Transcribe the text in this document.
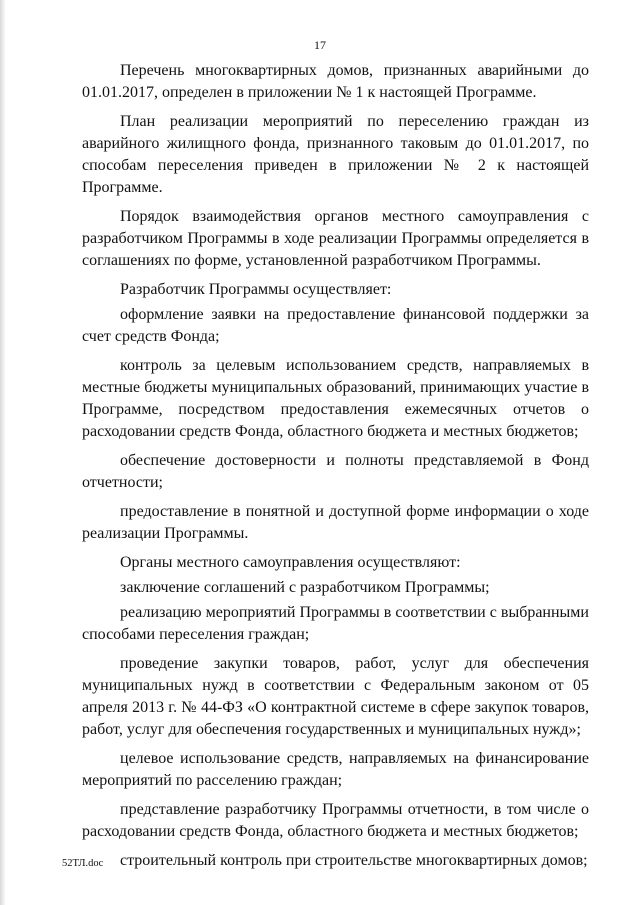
17

Перечень многоквартирных домов, признанных аварийными до 01.01.2017, определен в приложении № 1 к настоящей Программе.

План реализации мероприятий по переселению граждан из аварийного жилищного фонда, признанного таковым до 01.01.2017, по способам переселения приведен в приложении № 2 к настоящей Программе.

Порядок взаимодействия органов местного самоуправления с разработчиком Программы в ходе реализации Программы определяется в соглашениях по форме, установленной разработчиком Программы.

Разработчик Программы осуществляет:

оформление заявки на предоставление финансовой поддержки за счет средств Фонда;

контроль за целевым использованием средств, направляемых в местные бюджеты муниципальных образований, принимающих участие в Программе, посредством предоставления ежемесячных отчетов о расходовании средств Фонда, областного бюджета и местных бюджетов;

обеспечение достоверности и полноты представляемой в Фонд отчетности;

предоставление в понятной и доступной форме информации о ходе реализации Программы.

Органы местного самоуправления осуществляют:

заключение соглашений с разработчиком Программы;

реализацию мероприятий Программы в соответствии с выбранными способами переселения граждан;

проведение закупки товаров, работ, услуг для обеспечения муниципальных нужд в соответствии с Федеральным законом от 05 апреля 2013 г. № 44-ФЗ «О контрактной системе в сфере закупок товаров, работ, услуг для обеспечения государственных и муниципальных нужд»;

целевое использование средств, направляемых на финансирование мероприятий по расселению граждан;

представление разработчику Программы отчетности, в том числе о расходовании средств Фонда, областного бюджета и местных бюджетов;

строительный контроль при строительстве многоквартирных домов;

52ТЛ.doc
